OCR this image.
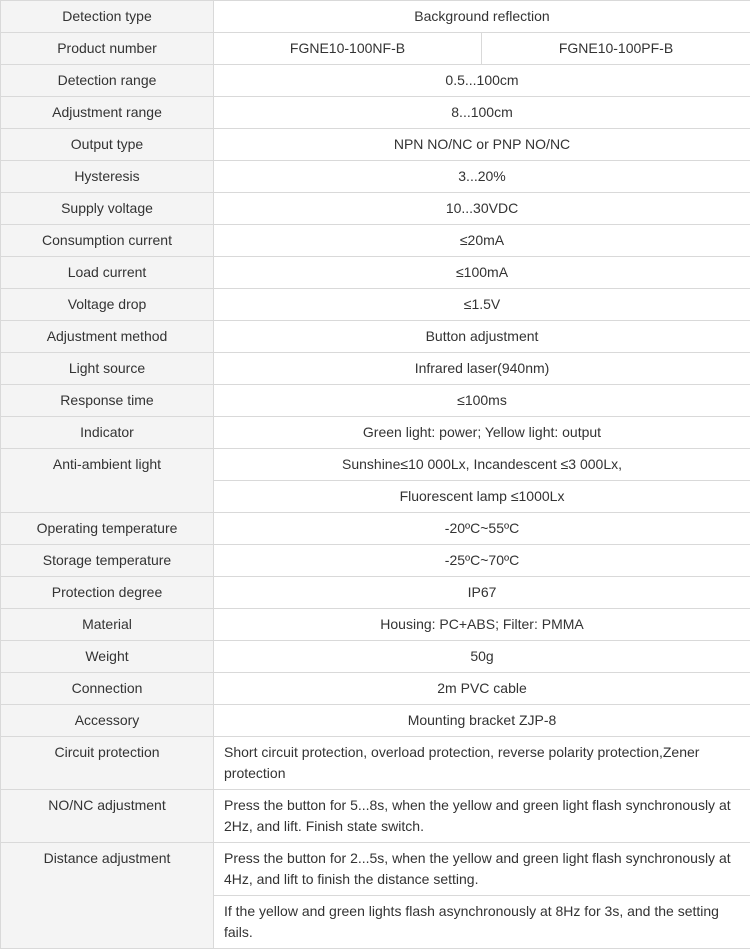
Detection type	Background reflection	
Product number	FGNE10-100NF-B	FGNE10-100PF-B
Detection range	0.5...100cm	
Adjustment range	8...100cm	
Output type	NPN NO/NC or PNP NO/NC	
Hysteresis	3...20%	
Supply voltage	10...30VDC	
Consumption current	≤20mA	
Load current	≤100mA	
Voltage drop	≤1.5V	
Adjustment method	Button adjustment	
Light source	Infrared laser(940nm)	
Response time	≤100ms	
Indicator	Green light: power; Yellow light: output	
Anti-ambient light	Sunshine≤10 000Lx, Incandescent ≤3 000Lx,	
	Fluorescent lamp ≤1000Lx	
Operating temperature	-20ºC~55ºC	
Storage temperature	-25ºC~70ºC	
Protection degree	IP67	
Material	Housing: PC+ABS; Filter: PMMA	
Weight	50g	
Connection	2m PVC cable	
Accessory	Mounting bracket ZJP-8	
Circuit protection	Short circuit protection, overload protection, reverse polarity protection,Zener protection	
NO/NC adjustment	Press the button for 5...8s, when the yellow and green light flash synchronously at 2Hz, and lift. Finish state switch.	
Distance adjustment	Press the button for 2...5s, when the yellow and green light flash synchronously at 4Hz, and lift to finish the distance setting.	
	If the yellow and green lights flash asynchronously at 8Hz for 3s, and the setting fails.	
